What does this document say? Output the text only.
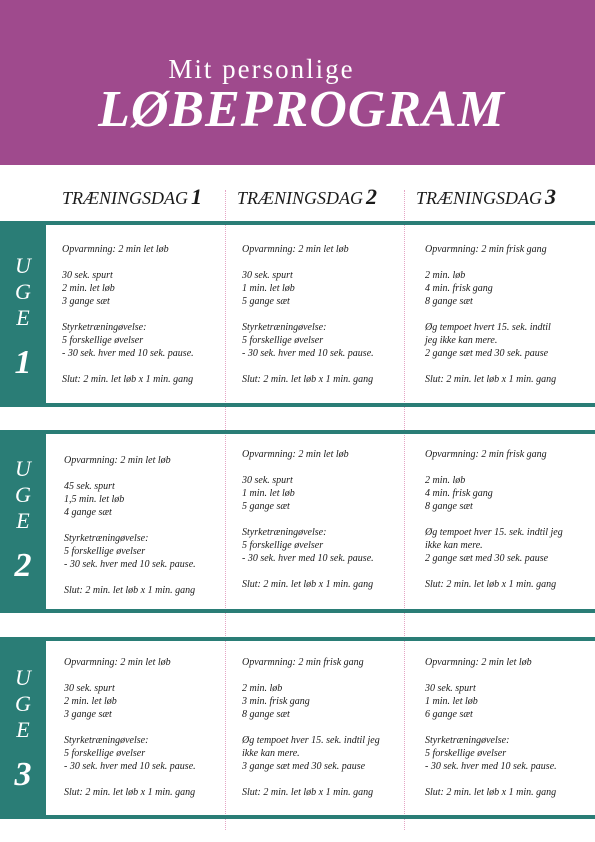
Mit personlige
LØBEPROGRAM
TRÆNINGSDAG 1 TRÆNINGSDAG 2 TRÆNINGSDAG 3
U
G
E
1

Opvarmning: 2 min let løb

30 sek. spurt

2 min. let løb

3 gange sæt

Styrketræningøvelse:

5 forskellige øvelser

- 30 sek. hver med 10 sek. pause.

Slut: 2 min. let løb x 1 min. gang

Opvarmning: 2 min let løb

30 sek. spurt

1 min. let løb

5 gange sæt

Styrketræningøvelse:

5 forskellige øvelser

- 30 sek. hver med 10 sek. pause.

Slut: 2 min. let løb x 1 min. gang

Opvarmning: 2 min frisk gang

2 min. løb

4 min. frisk gang

8 gange sæt

Øg tempoet hvert 15. sek. indtil

jeg ikke kan mere.

2 gange sæt med 30 sek. pause

Slut: 2 min. let løb x 1 min. gang

U
G
E
2

Opvarmning: 2 min let løb

45 sek. spurt

1,5 min. let løb

4 gange sæt

Styrketræningøvelse:

5 forskellige øvelser

- 30 sek. hver med 10 sek. pause.

Slut: 2 min. let løb x 1 min. gang

Opvarmning: 2 min let løb

30 sek. spurt

1 min. let løb

5 gange sæt

Styrketræningøvelse:

5 forskellige øvelser

- 30 sek. hver med 10 sek. pause.

Slut: 2 min. let løb x 1 min. gang

Opvarmning: 2 min frisk gang

2 min. løb

4 min. frisk gang

8 gange sæt

Øg tempoet hver 15. sek. indtil jeg

ikke kan mere.

2 gange sæt med 30 sek. pause

Slut: 2 min. let løb x 1 min. gang

U
G
E
3

Opvarmning: 2 min let løb

30 sek. spurt

2 min. let løb

3 gange sæt

Styrketræningøvelse:

5 forskellige øvelser

- 30 sek. hver med 10 sek. pause.

Slut: 2 min. let løb x 1 min. gang

Opvarmning: 2 min frisk gang

2 min. løb

3 min. frisk gang

8 gange sæt

Øg tempoet hver 15. sek. indtil jeg

ikke kan mere.

3 gange sæt med 30 sek. pause

Slut: 2 min. let løb x 1 min. gang

Opvarmning: 2 min let løb

30 sek. spurt

1 min. let løb

6 gange sæt

Styrketræningøvelse:

5 forskellige øvelser

- 30 sek. hver med 10 sek. pause.

Slut: 2 min. let løb x 1 min. gang
